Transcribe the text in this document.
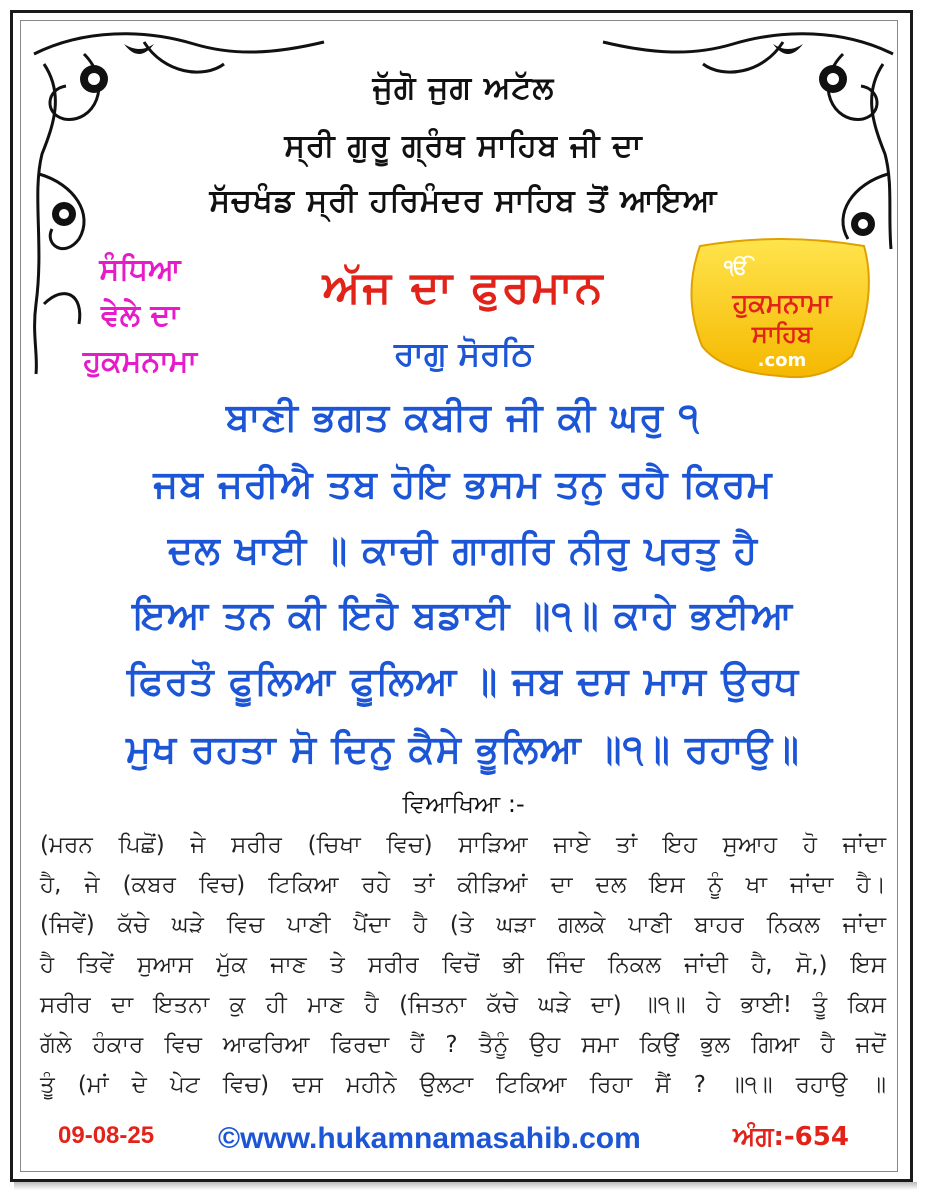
ਜੁੱਗੋ ਜੁਗ ਅਟੱਲ
ਸ੍ਰੀ ਗੁਰੂ ਗ੍ਰੰਥ ਸਾਹਿਬ ਜੀ ਦਾ
ਸੱਚਖੰਡ ਸ੍ਰੀ ਹਰਿਮੰਦਰ ਸਾਹਿਬ ਤੋਂ ਆਇਆ
ਸੰਧਿਆ
ਵੇਲੇ ਦਾ
ਹੁਕਮਨਾਮਾ
ਅੱਜ ਦਾ ਫੁਰਮਾਨ
ਰਾਗੁ ਸੋਰਠਿ
ੴ
ਹੁਕਮਨਾਮਾ
ਸਾਹਿਬ
.com
ਬਾਣੀ ਭਗਤ ਕਬੀਰ ਜੀ ਕੀ ਘਰੁ ੧
ਜਬ ਜਰੀਐ ਤਬ ਹੋਇ ਭਸਮ ਤਨੁ ਰਹੈ ਕਿਰਮ
ਦਲ ਖਾਈ ॥ ਕਾਚੀ ਗਾਗਰਿ ਨੀਰੁ ਪਰਤੁ ਹੈ
ਇਆ ਤਨ ਕੀ ਇਹੈ ਬਡਾਈ ॥੧॥ ਕਾਹੇ ਭਈਆ
ਫਿਰਤੌ ਫੂਲਿਆ ਫੂਲਿਆ ॥ ਜਬ ਦਸ ਮਾਸ ਉਰਧ
ਮੁਖ ਰਹਤਾ ਸੋ ਦਿਨੁ ਕੈਸੇ ਭੂਲਿਆ ॥੧॥ ਰਹਾਉ॥
ਵਿਆਖਿਆ :-
(ਮਰਨ ਪਿਛੋਂ) ਜੇ ਸਰੀਰ (ਚਿਖਾ ਵਿਚ) ਸਾੜਿਆ ਜਾਏ ਤਾਂ ਇਹ ਸੁਆਹ ਹੋ ਜਾਂਦਾ
ਹੈ, ਜੇ (ਕਬਰ ਵਿਚ) ਟਿਕਿਆ ਰਹੇ ਤਾਂ ਕੀੜਿਆਂ ਦਾ ਦਲ ਇਸ ਨੂੰ ਖਾ ਜਾਂਦਾ ਹੈ।
(ਜਿਵੇਂ) ਕੱਚੇ ਘੜੇ ਵਿਚ ਪਾਣੀ ਪੈਂਦਾ ਹੈ (ਤੇ ਘੜਾ ਗਲਕੇ ਪਾਣੀ ਬਾਹਰ ਨਿਕਲ ਜਾਂਦਾ
ਹੈ ਤਿਵੇਂ ਸੁਆਸ ਮੁੱਕ ਜਾਣ ਤੇ ਸਰੀਰ ਵਿਚੋਂ ਭੀ ਜਿੰਦ ਨਿਕਲ ਜਾਂਦੀ ਹੈ, ਸੋ,) ਇਸ
ਸਰੀਰ ਦਾ ਇਤਨਾ ਕੁ ਹੀ ਮਾਣ ਹੈ (ਜਿਤਨਾ ਕੱਚੇ ਘੜੇ ਦਾ) ॥੧॥ ਹੇ ਭਾਈ! ਤੂੰ ਕਿਸ
ਗੱਲੇ ਹੰਕਾਰ ਵਿਚ ਆਫਰਿਆ ਫਿਰਦਾ ਹੈਂ ? ਤੈਨੂੰ ਉਹ ਸਮਾ ਕਿਉਂ ਭੁਲ ਗਿਆ ਹੈ ਜਦੋਂ
ਤੂੰ (ਮਾਂ ਦੇ ਪੇਟ ਵਿਚ) ਦਸ ਮਹੀਨੇ ਉਲਟਾ ਟਿਕਿਆ ਰਿਹਾ ਸੈਂ ? ॥੧॥ ਰਹਾਉ ॥
09-08-25 ©www.hukamnamasahib.com	ਅੰਗ:-654
